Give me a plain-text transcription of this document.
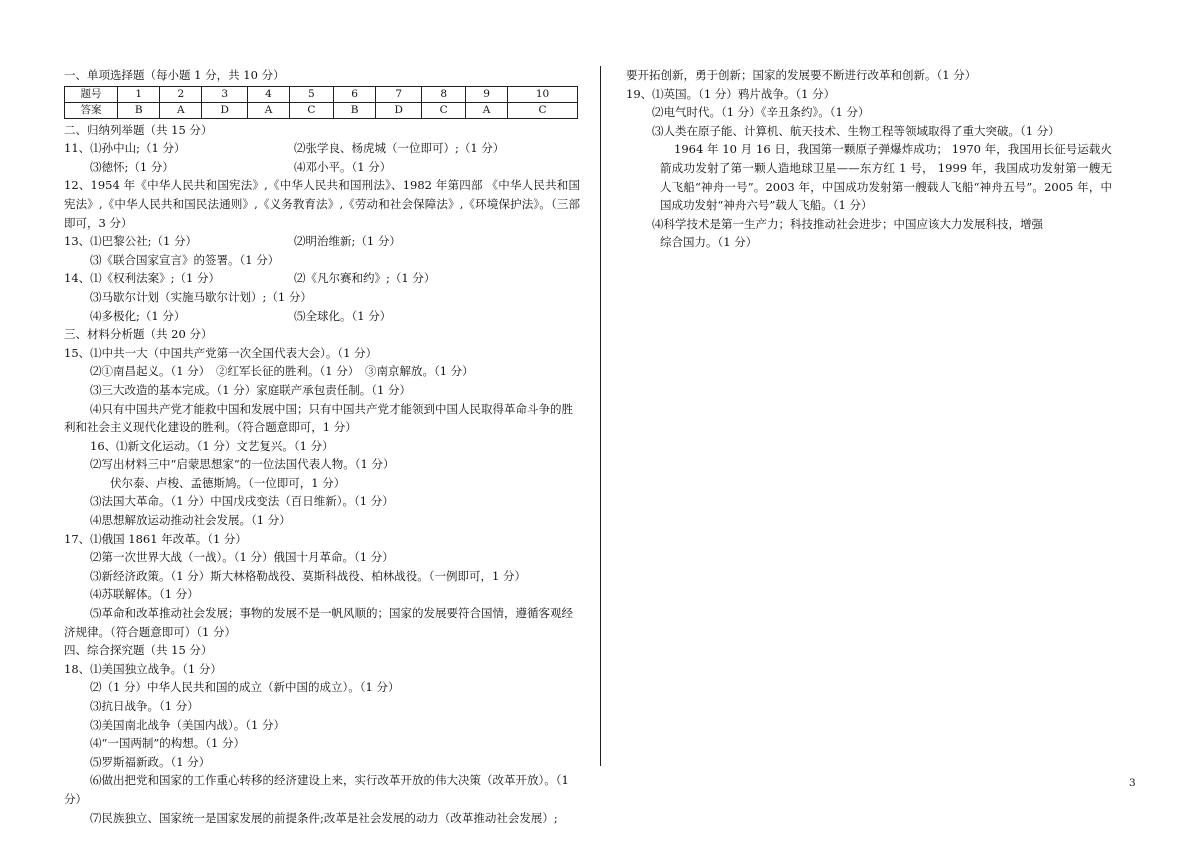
一、单项选择题（每小题 1 分，共 10 分）
题号	1	2	3	4	5	6	7	8	9	10
答案	B	A	D	A	C	B	D	C	A	C
二、归纳列举题（共 15 分）
11、⑴孙中山;（1 分）	⑵张学良、杨虎城（一位即可）;（1 分）
⑶徳怀;（1 分）	⑷邓小平。（1 分）
12、1954 年《中华人民共和国宪法》,《中华人民共和国刑法》、1982 年第四部 《中华人民共和国宪法》,《中华人民共和国民法通则》,《义务教育法》,《劳动和社会保障法》,《环境保护法》。（三部即可，3 分）
13、⑴巴黎公社;（1 分）	⑵明治维新;（1 分）
⑶《联合国家宣言》的签署。（1 分）
14、⑴《权利法案》;（1 分）	⑵《凡尔赛和约》;（1 分）
⑶马歇尔计划（实施马歇尔计划）;（1 分）
⑷多极化;（1 分）	⑸全球化。（1 分）
三、材料分析题（共 20 分）
15、⑴中共一大（中国共产党第一次全国代表大会）。（1 分）
⑵①南昌起义。（1 分）　②红军长征的胜利。（1 分）　③南京解放。（1 分）
⑶三大改造的基本完成。（1 分）家庭联产承包责任制。（1 分）
⑷只有中国共产党才能救中国和发展中国；只有中国共产党才能领到中国人民取得革命斗争的胜利和社会主义现代化建设的胜利。（符合题意即可，1 分）
16、⑴新文化运动。（1 分）文艺复兴。（1 分）
⑵写出材料三中“启蒙思想家”的一位法国代表人物。（1 分）
伏尔泰、卢梭、孟德斯鸠。（一位即可，1 分）
⑶法国大革命。（1 分）中国戊戌变法（百日维新）。（1 分）
⑷思想解放运动推动社会发展。（1 分）
17、⑴俄国 1861 年改革。（1 分）
⑵第一次世界大战（一战）。（1 分）俄国十月革命。（1 分）
⑶新经济政策。（1 分）斯大林格勒战役、莫斯科战役、柏林战役。（一例即可，1 分）
⑷苏联解体。（1 分）
⑸革命和改革推动社会发展；事物的发展不是一帆风顺的；国家的发展要符合国情，遵循客观经济规律。（符合题意即可）（1 分）
四、综合探究题（共 15 分）
18、⑴美国独立战争。（1 分）
⑵（1 分）中华人民共和国的成立（新中国的成立）。（1 分）
⑶抗日战争。（1 分）
⑶美国南北战争（美国内战）。（1 分）
⑷“一国两制”的构想。（1 分）
⑸罗斯福新政。（1 分）
⑹做出把党和国家的工作重心转移的经济建设上来，实行改革开放的伟大决策（改革开放）。（1 分）
⑺民族独立、国家统一是国家发展的前提条件;改革是社会发展的动力（改革推动社会发展）;
要开拓创新，勇于创新；国家的发展要不断进行改革和创新。（1 分）
19、⑴英国。（1 分）鸦片战争。（1 分）
⑵电气时代。（1 分）《辛丑条约》。（1 分）
⑶人类在原子能、计算机、航天技术、生物工程等领域取得了重大突破。（1 分）
1964 年 10 月 16 日，我国第一颗原子弹爆炸成功； 1970 年，我国用长征号运载火箭成功发射了第一颗人造地球卫星——东方红 1 号， 1999 年，我国成功发射第一艘无人飞船“神舟一号”。2003 年，中国成功发射第一艘载人飞船“神舟五号”。2005 年，中国成功发射“神舟六号”载人飞船。（1 分）
⑷科学技术是第一生产力；科技推动社会进步；中国应该大力发展科技，增强
综合国力。（1 分）
3
